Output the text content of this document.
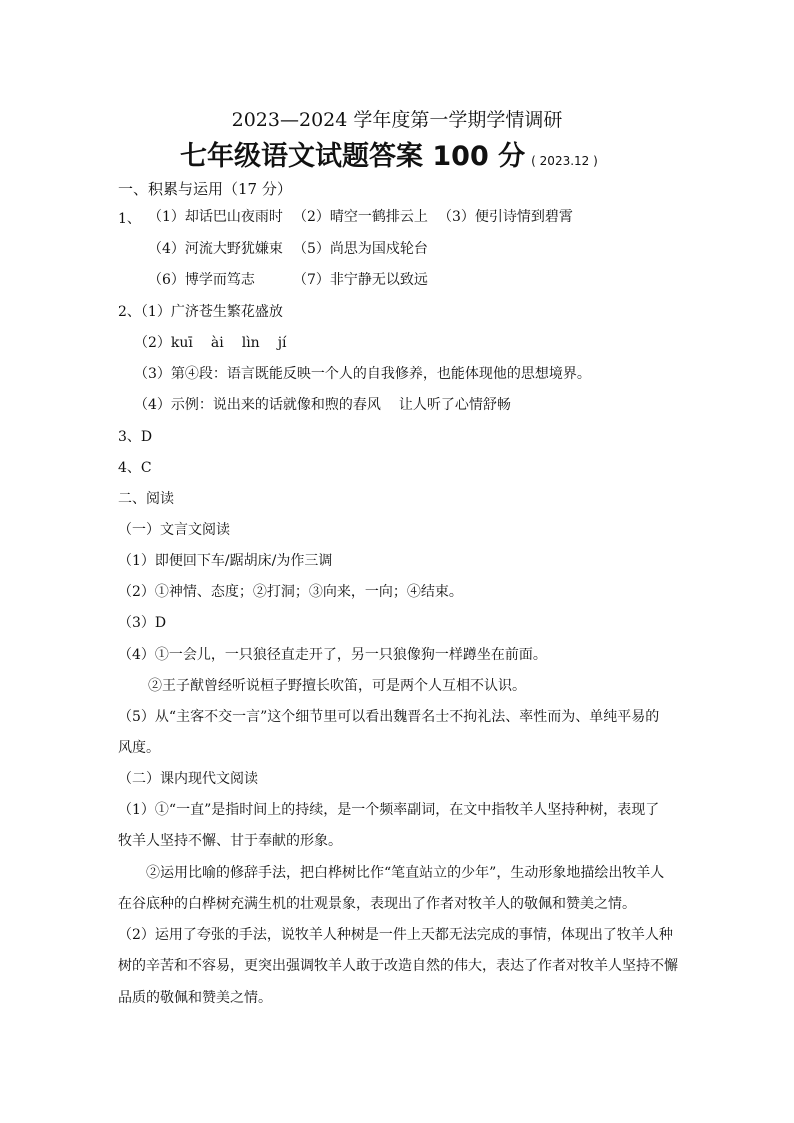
2023—2024 学年度第一学期学情调研
七年级语文试题答案 100 分 ( 2023.12 )
一、积累与运用（17 分）
1、 （1）却话巴山夜雨时 （2）晴空一鹤排云上 （3）便引诗情到碧霄
（4）河流大野犹嫌束 （5）尚思为国戍轮台
（6）博学而笃志	（7）非宁静无以致远
2、（1）广济苍生繁花盛放
（2）kuī ài lìn jí
（3）第④段：语言既能反映一个人的自我修养，也能体现他的思想境界。
（4）示例：说出来的话就像和煦的春风 让人听了心情舒畅
3、D
4、C
二、阅读
（一）文言文阅读
（1）即便回下车/踞胡床/为作三调
（2）①神情、态度；②打洞；③向来，一向；④结束。
（3）D
（4）①一会儿，一只狼径直走开了，另一只狼像狗一样蹲坐在前面。
②王子猷曾经听说桓子野擅长吹笛，可是两个人互相不认识。
（5）从“主客不交一言”这个细节里可以看出魏晋名士不拘礼法、率性而为、单纯平易的
风度。
（二）课内现代文阅读
（1）①“一直”是指时间上的持续，是一个频率副词，在文中指牧羊人坚持种树，表现了
牧羊人坚持不懈、甘于奉献的形象。
②运用比喻的修辞手法，把白桦树比作“笔直站立的少年”，生动形象地描绘出牧羊人
在谷底种的白桦树充满生机的壮观景象，表现出了作者对牧羊人的敬佩和赞美之情。
（2）运用了夸张的手法，说牧羊人种树是一件上天都无法完成的事情，体现出了牧羊人种
树的辛苦和不容易，更突出强调牧羊人敢于改造自然的伟大，表达了作者对牧羊人坚持不懈
品质的敬佩和赞美之情。
